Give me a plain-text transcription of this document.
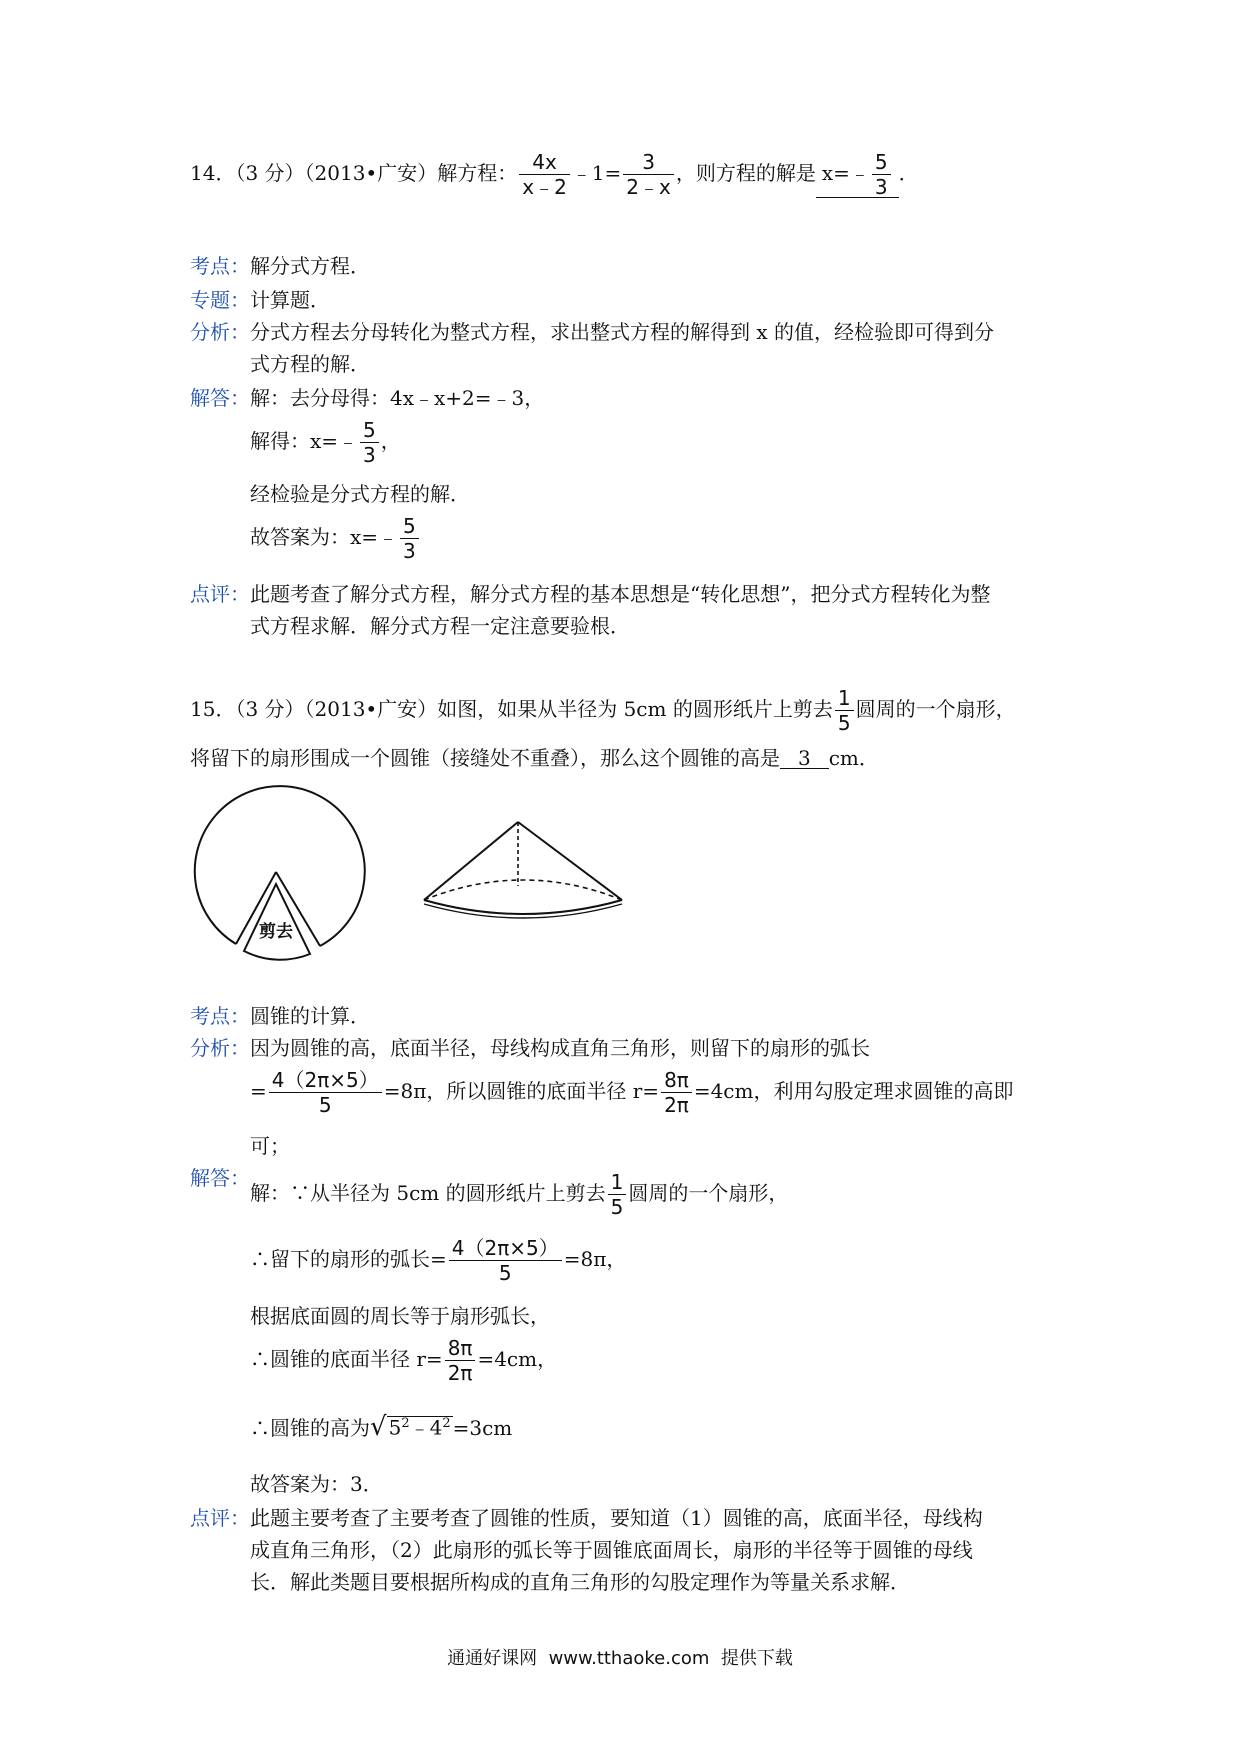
14．（3 分）（2013•广安）解方程： $\frac{4x}{x﹣2}$ ﹣1= $\frac{3}{2﹣x}$ ，则方程的解是 x=﹣ $\frac{5}{3}$ ．
考点：解分式方程．
专题：计算题．
分析：分式方程去分母转化为整式方程，求出整式方程的解得到 x 的值，经检验即可得到分
式方程的解．
解答：解：去分母得：4x﹣x+2=﹣3，
解得：x=﹣ $\frac{5}{3}$ ，
经检验是分式方程的解．
故答案为：x=﹣ $\frac{5}{3}$
点评：此题考查了解分式方程，解分式方程的基本思想是“转化思想”，把分式方程转化为整
式方程求解．解分式方程一定注意要验根．
15．（3 分）（2013•广安）如图，如果从半径为 5cm 的圆形纸片上剪去 $\frac{1}{5}$ 圆周的一个扇形，
将留下的扇形围成一个圆锥（接缝处不重叠），那么这个圆锥的高是 3 cm．
剪去
考点：圆锥的计算．
分析：因为圆锥的高，底面半径，母线构成直角三角形，则留下的扇形的弧长
= $\frac{4(2\pi\times 5)}{5} =8\pi$，所以圆锥的底面半径 $r= \frac{8\pi}{2\pi} =4cm$，利用勾股定理求圆锥的高即
可；
解答：
解：∵从半径为 5cm 的圆形纸片上剪去 $\frac{1}{5}$ 圆周的一个扇形，
∴留下的扇形的弧长= $\frac{4(2\pi\times 5)}{5} =8\pi$，
根据底面圆的周长等于扇形弧长，
∴圆锥的底面半径 $r= \frac{8\pi}{2\pi} =4cm$，
∴圆锥的高为√ $5^2﹣4^2 =3cm$
故答案为：3．
点评：此题主要考查了主要考查了圆锥的性质，要知道（1）圆锥的高，底面半径，母线构
成直角三角形，（2）此扇形的弧长等于圆锥底面周长，扇形的半径等于圆锥的母线
长．解此类题目要根据所构成的直角三角形的勾股定理作为等量关系求解．
通通好课网  www.tthaoke.com  提供下载
